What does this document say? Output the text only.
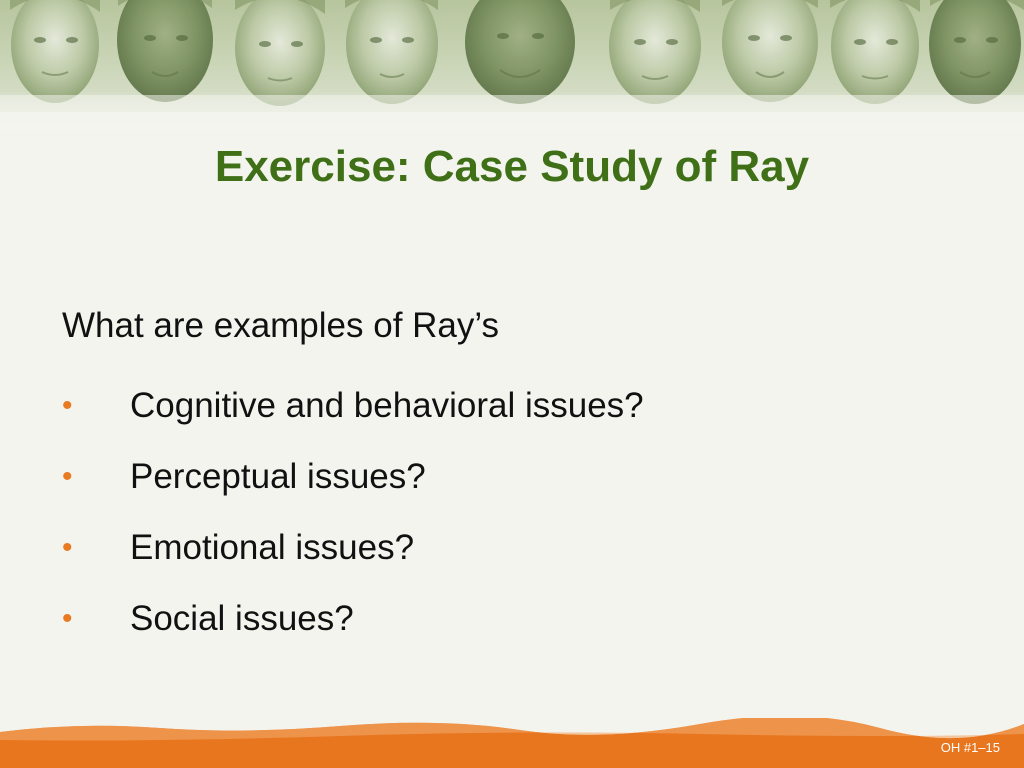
Exercise: Case Study of Ray
What are examples of Ray’s
•	Cognitive and behavioral issues?
•	Perceptual issues?
•	Emotional issues?
•	Social issues?
OH #1–15
